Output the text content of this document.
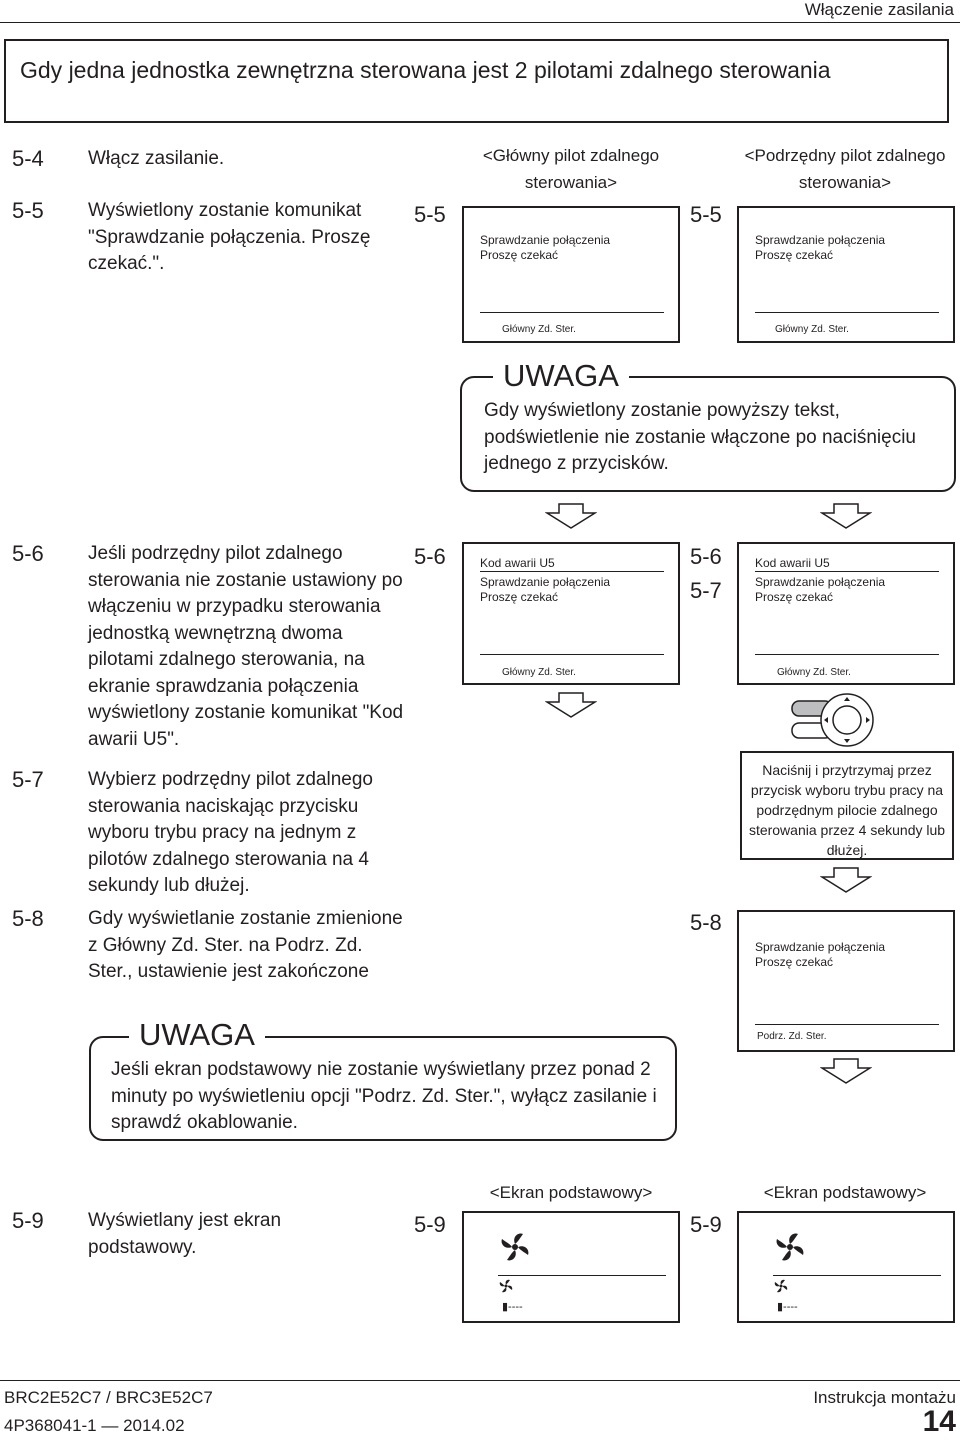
Włączenie zasilania
Gdy jedna jednostka zewnętrzna sterowana jest 2 pilotami zdalnego sterowania
5-4 Włącz zasilanie.
5-5 Wyświetlony zostanie komunikat "Sprawdzanie połączenia. Proszę czekać.".
<Główny pilot zdalnego sterowania>
<Podrzędny pilot zdalnego sterowania>
5-5	5-5
Sprawdzanie połączenia
Proszę czekać
Główny Zd. Ster.
Sprawdzanie połączenia
Proszę czekać
Główny Zd. Ster.
UWAGA
Gdy wyświetlony zostanie powyższy tekst, podświetlenie nie zostanie włączone po naciśnięciu jednego z przycisków.
5-6 Jeśli podrzędny pilot zdalnego sterowania nie zostanie ustawiony po włączeniu w przypadku sterowania jednostką wewnętrzną dwoma pilotami zdalnego sterowania, na ekranie sprawdzania połączenia wyświetlony zostanie komunikat "Kod awarii U5".
5-7 Wybierz podrzędny pilot zdalnego sterowania naciskając przycisku wyboru trybu pracy na jednym z pilotów zdalnego sterowania na 4 sekundy lub dłużej.
5-8 Gdy wyświetlanie zostanie zmienione z Główny Zd. Ster. na Podrz. Zd. Ster., ustawienie jest zakończone
5-6	5-6
5-7
Kod awarii U5
Sprawdzanie połączenia
Proszę czekać
Główny Zd. Ster.
Kod awarii U5
Sprawdzanie połączenia
Proszę czekać
Główny Zd. Ster.
Naciśnij i przytrzymaj przez przycisk wyboru trybu pracy na podrzędnym pilocie zdalnego sterowania przez 4 sekundy lub dłużej.
5-8
Sprawdzanie połączenia
Proszę czekać
Podrz. Zd. Ster.
UWAGA
Jeśli ekran podstawowy nie zostanie wyświetlany przez ponad 2 minuty po wyświetleniu opcji "Podrz. Zd. Ster.", wyłącz zasilanie i sprawdź okablowanie.
5-9 Wyświetlany jest ekran podstawowy.
<Ekran podstawowy>	<Ekran podstawowy>
5-9	5-9
▮----	▮----
BRC2E52C7 / BRC3E52C7
4P368041-1 — 2014.02
Instrukcja montażu
14
